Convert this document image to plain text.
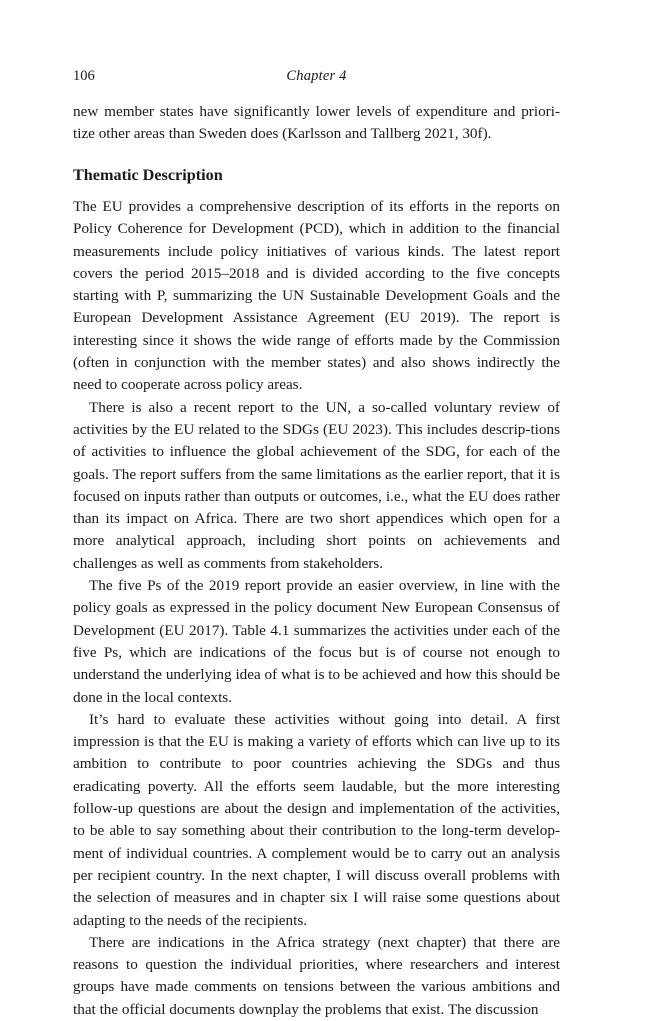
106	Chapter 4

new member states have significantly lower levels of expenditure and priori-tize other areas than Sweden does (Karlsson and Tallberg 2021, 30f).

Thematic Description

The EU provides a comprehensive description of its efforts in the reports on Policy Coherence for Development (PCD), which in addition to the financial measurements include policy initiatives of various kinds. The latest report covers the period 2015–2018 and is divided according to the five concepts starting with P, summarizing the UN Sustainable Development Goals and the European Development Assistance Agreement (EU 2019). The report is interesting since it shows the wide range of efforts made by the Commission (often in conjunction with the member states) and also shows indirectly the need to cooperate across policy areas.

There is also a recent report to the UN, a so-called voluntary review of activities by the EU related to the SDGs (EU 2023). This includes descrip-tions of activities to influence the global achievement of the SDG, for each of the goals. The report suffers from the same limitations as the earlier report, that it is focused on inputs rather than outputs or outcomes, i.e., what the EU does rather than its impact on Africa. There are two short appendices which open for a more analytical approach, including short points on achievements and challenges as well as comments from stakeholders.

The five Ps of the 2019 report provide an easier overview, in line with the policy goals as expressed in the policy document New European Consensus of Development (EU 2017). Table 4.1 summarizes the activities under each of the five Ps, which are indications of the focus but is of course not enough to understand the underlying idea of what is to be achieved and how this should be done in the local contexts.

It’s hard to evaluate these activities without going into detail. A first impression is that the EU is making a variety of efforts which can live up to its ambition to contribute to poor countries achieving the SDGs and thus eradicating poverty. All the efforts seem laudable, but the more interesting follow-up questions are about the design and implementation of the activities, to be able to say something about their contribution to the long-term develop-ment of individual countries. A complement would be to carry out an analysis per recipient country. In the next chapter, I will discuss overall problems with the selection of measures and in chapter six I will raise some questions about adapting to the needs of the recipients.

There are indications in the Africa strategy (next chapter) that there are reasons to question the individual priorities, where researchers and interest groups have made comments on tensions between the various ambitions and that the official documents downplay the problems that exist. The discussion
